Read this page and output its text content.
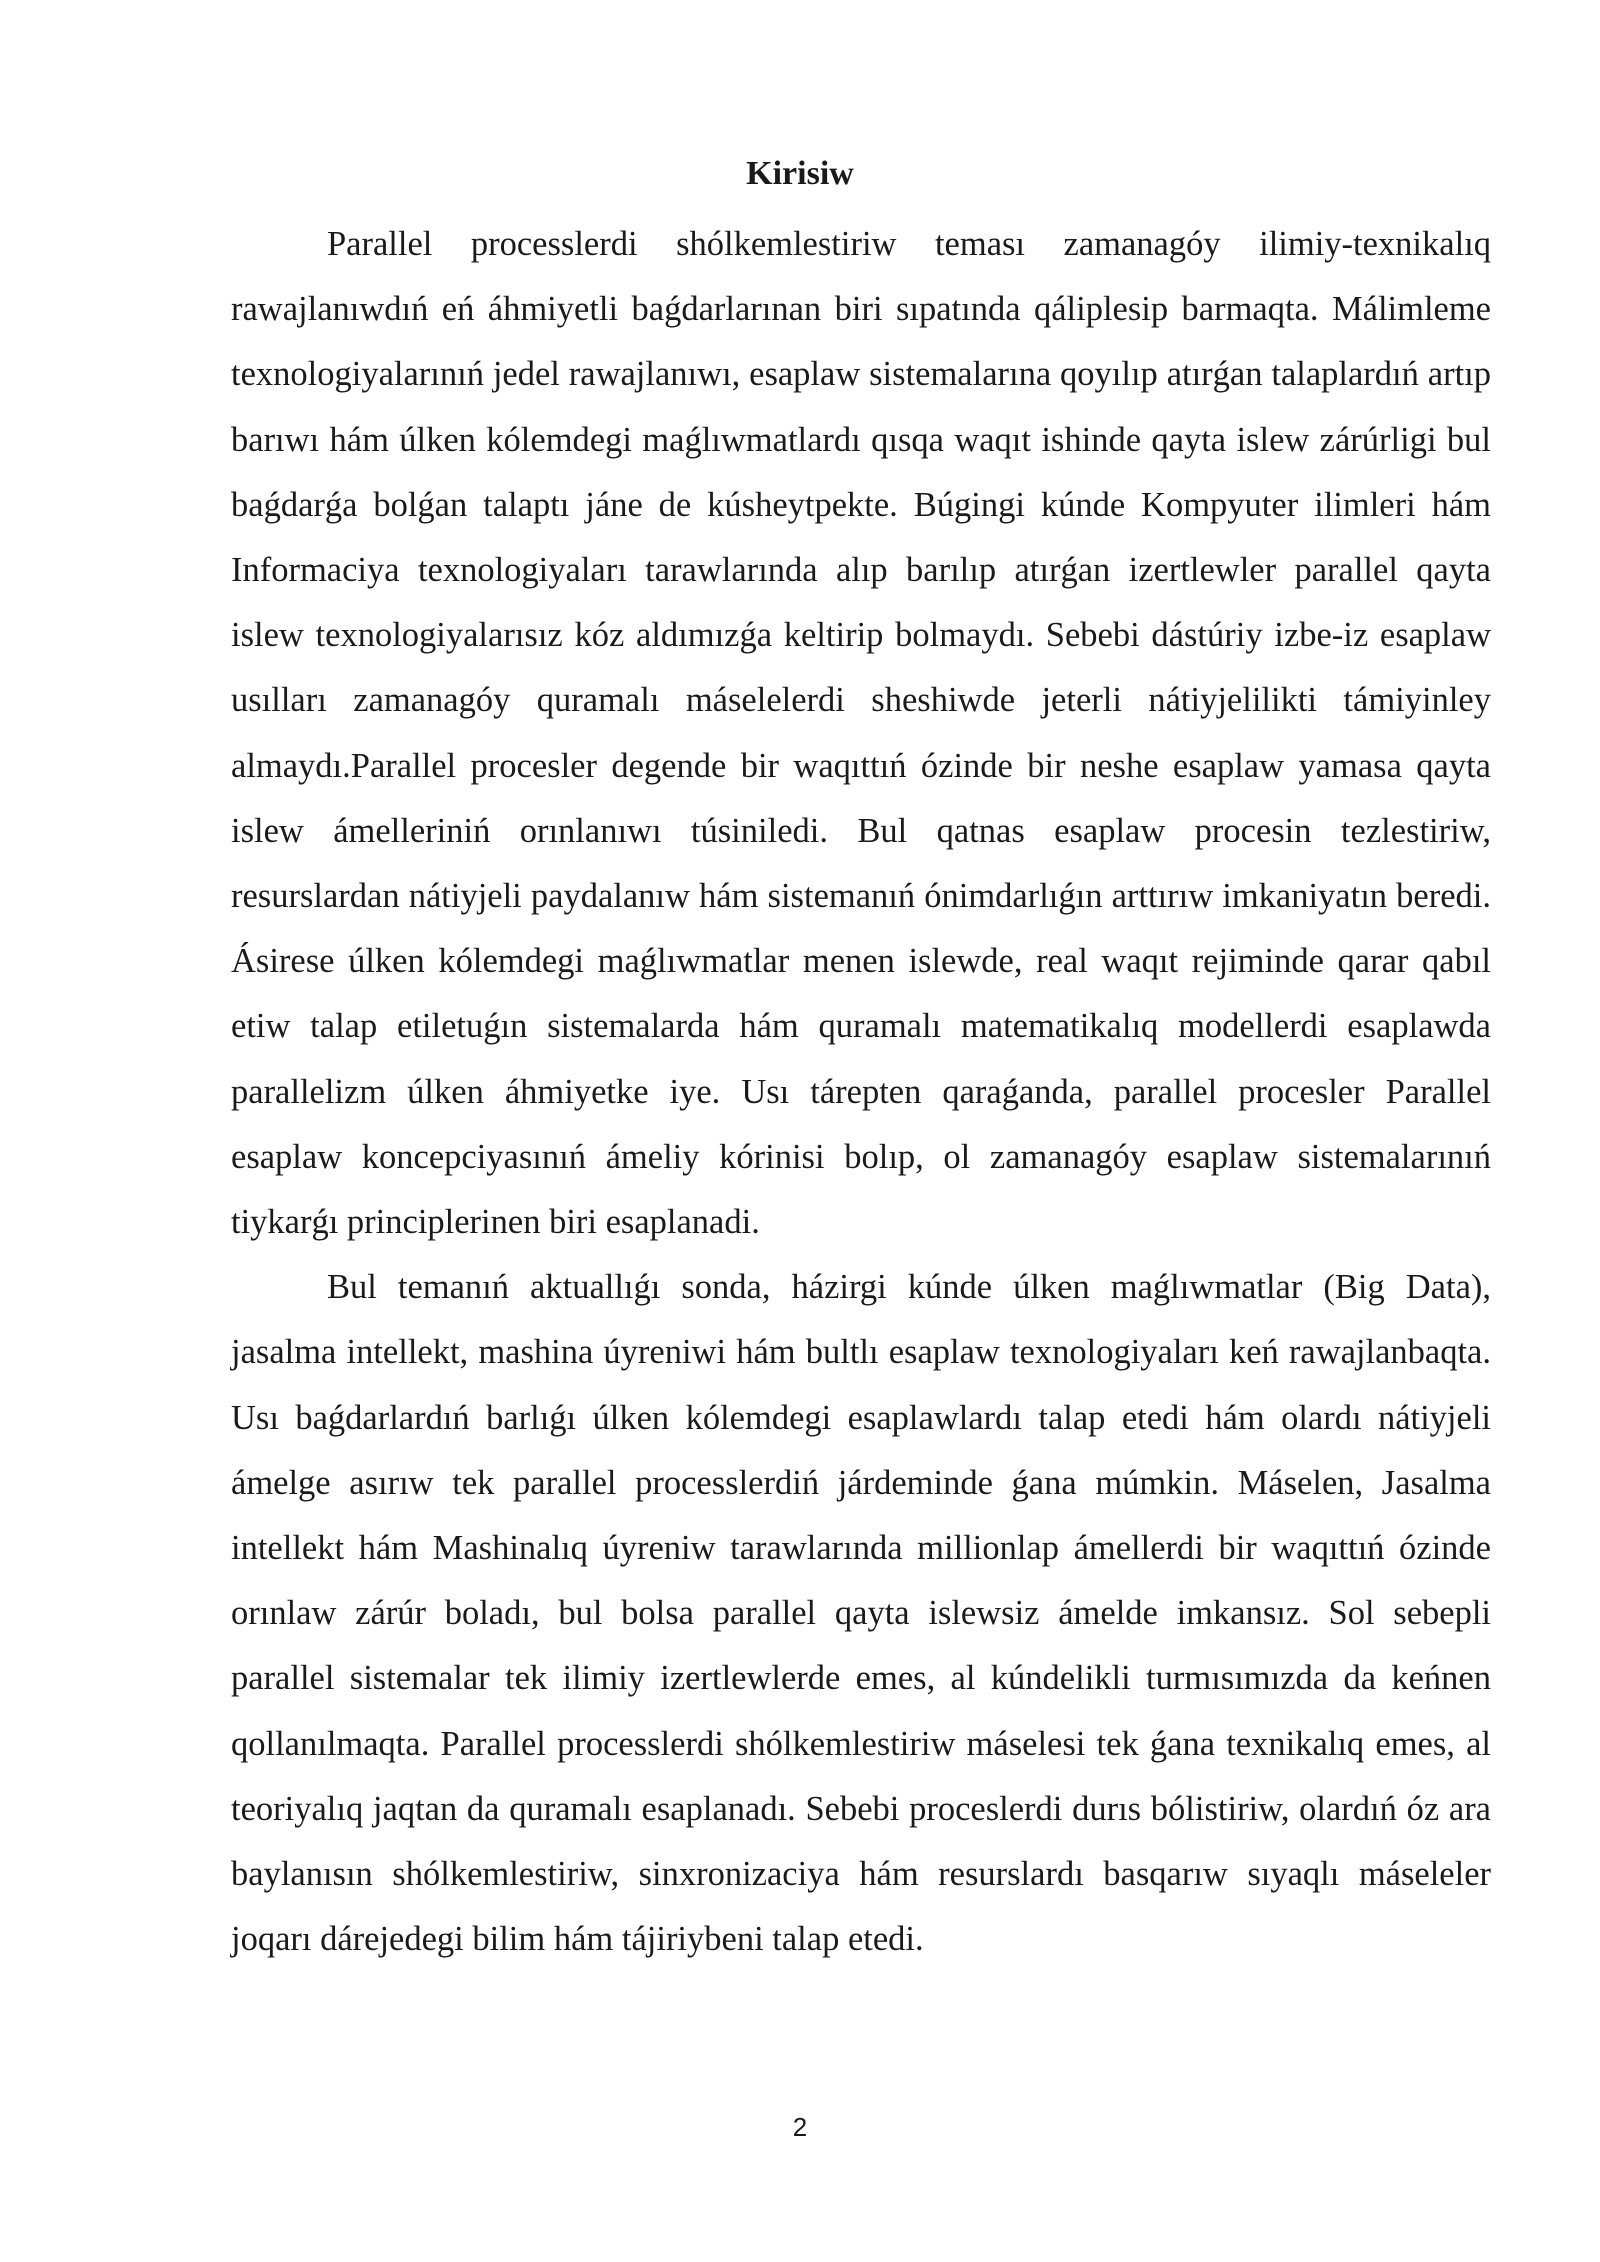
Kirisiw

Parallel processlerdi shólkemlestiriw teması zamanagóy ilimiy-texnikalıq rawajlanıwdıń eń áhmiyetli baǵdarlarınan biri sıpatında qáliplesip barmaqta. Málimleme texnologiyalarınıń jedel rawajlanıwı, esaplaw sistemalarına qoyılıp atırǵan talaplardıń artıp barıwı hám úlken kólemdegi maǵlıwmatlardı qısqa waqıt ishinde qayta islew zárúrligi bul baǵdarǵa bolǵan talaptı jáne de kúsheytpekte. Búgingi kúnde Kompyuter ilimleri hám Informaciya texnologiyaları tarawlarında alıp barılıp atırǵan izertlewler parallel qayta islew texnologiyalarısız kóz aldımızǵa keltirip bolmaydı. Sebebi dástúriy izbe-iz esaplaw usılları zamanagóy quramalı máselelerdi sheshiwde jeterli nátiyjelilikti támiyinley almaydı.Parallel procesler degende bir waqıttıń ózinde bir neshe esaplaw yamasa qayta islew ámelleriniń orınlanıwı túsiniledi. Bul qatnas esaplaw procesin tezlestiriw, resurslardan nátiyjeli paydalanıw hám sistemanıń ónimdarlıǵın arttırıw imkaniyatın beredi. Ásirese úlken kólemdegi maǵlıwmatlar menen islewde, real waqıt rejiminde qarar qabıl etiw talap etiletuǵın sistemalarda hám quramalı matematikalıq modellerdi esaplawda parallelizm úlken áhmiyetke iye. Usı tárepten qaraǵanda, parallel procesler Parallel esaplaw koncepciyasınıń ámeliy kórinisi bolıp, ol zamanagóy esaplaw sistemalarınıń tiykarǵı principlerinen biri esaplanadi.

Bul temanıń aktuallıǵı sonda, házirgi kúnde úlken maǵlıwmatlar (Big Data), jasalma intellekt, mashina úyreniwi hám bultlı esaplaw texnologiyaları keń rawajlanbaqta. Usı baǵdarlardıń barlıǵı úlken kólemdegi esaplawlardı talap etedi hám olardı nátiyjeli ámelge asırıw tek parallel processlerdiń járdeminde ǵana múmkin. Máselen, Jasalma intellekt hám Mashinalıq úyreniw tarawlarında millionlap ámellerdi bir waqıttıń ózinde orınlaw zárúr boladı, bul bolsa parallel qayta islewsiz ámelde imkansız. Sol sebepli parallel sistemalar tek ilimiy izertlewlerde emes, al kúndelikli turmısımızda da keńnen qollanılmaqta. Parallel processlerdi shólkemlestiriw máselesi tek ǵana texnikalıq emes, al teoriyalıq jaqtan da quramalı esaplanadı. Sebebi proceslerdi durıs bólistiriw, olardıń óz ara baylanısın shólkemlestiriw, sinxronizaciya hám resurslardı basqarıw sıyaqlı máseleler joqarı dárejedegi bilim hám tájiriybeni talap etedi.

2
